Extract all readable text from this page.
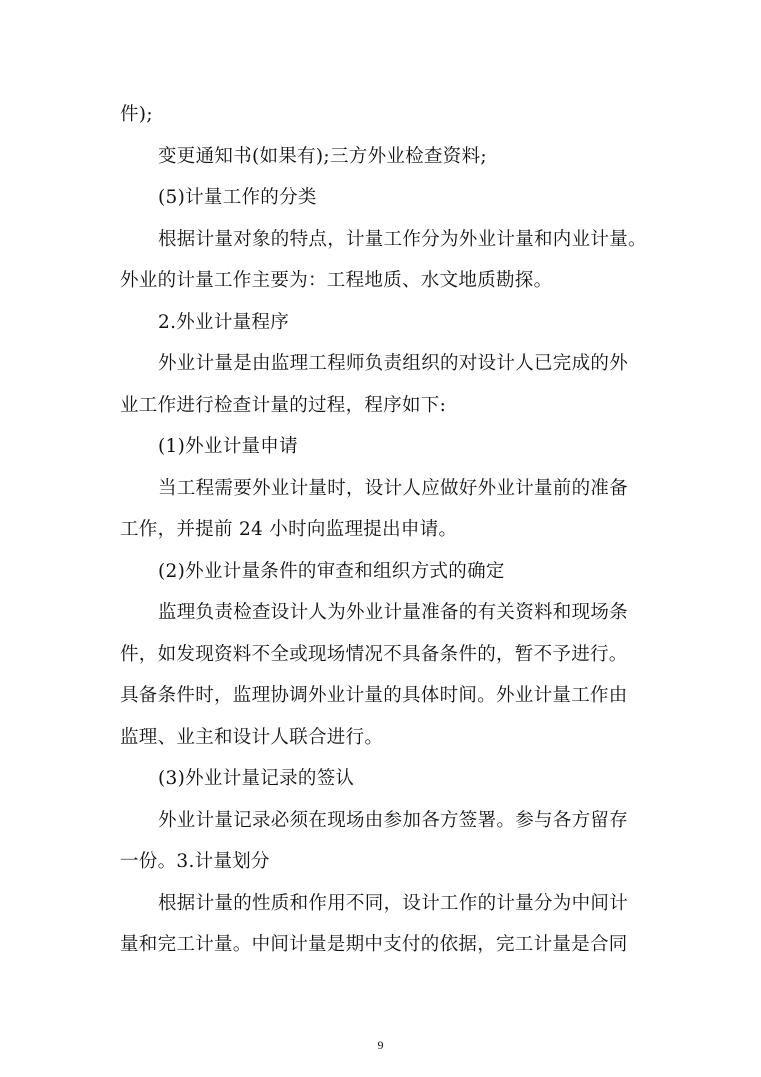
件);
变更通知书(如果有);三方外业检查资料;
(5)计量工作的分类
根据计量对象的特点，计量工作分为外业计量和内业计量。
外业的计量工作主要为：工程地质、水文地质勘探。
2.外业计量程序
外业计量是由监理工程师负责组织的对设计人已完成的外
业工作进行检查计量的过程，程序如下:
(1)外业计量申请
当工程需要外业计量时，设计人应做好外业计量前的准备
工作，并提前 24 小时向监理提出申请。
(2)外业计量条件的审查和组织方式的确定
监理负责检查设计人为外业计量准备的有关资料和现场条
件，如发现资料不全或现场情况不具备条件的，暂不予进行。
具备条件时，监理协调外业计量的具体时间。外业计量工作由
监理、业主和设计人联合进行。
(3)外业计量记录的签认
外业计量记录必须在现场由参加各方签署。参与各方留存
一份。3.计量划分
根据计量的性质和作用不同，设计工作的计量分为中间计
量和完工计量。中间计量是期中支付的依据，完工计量是合同
9
